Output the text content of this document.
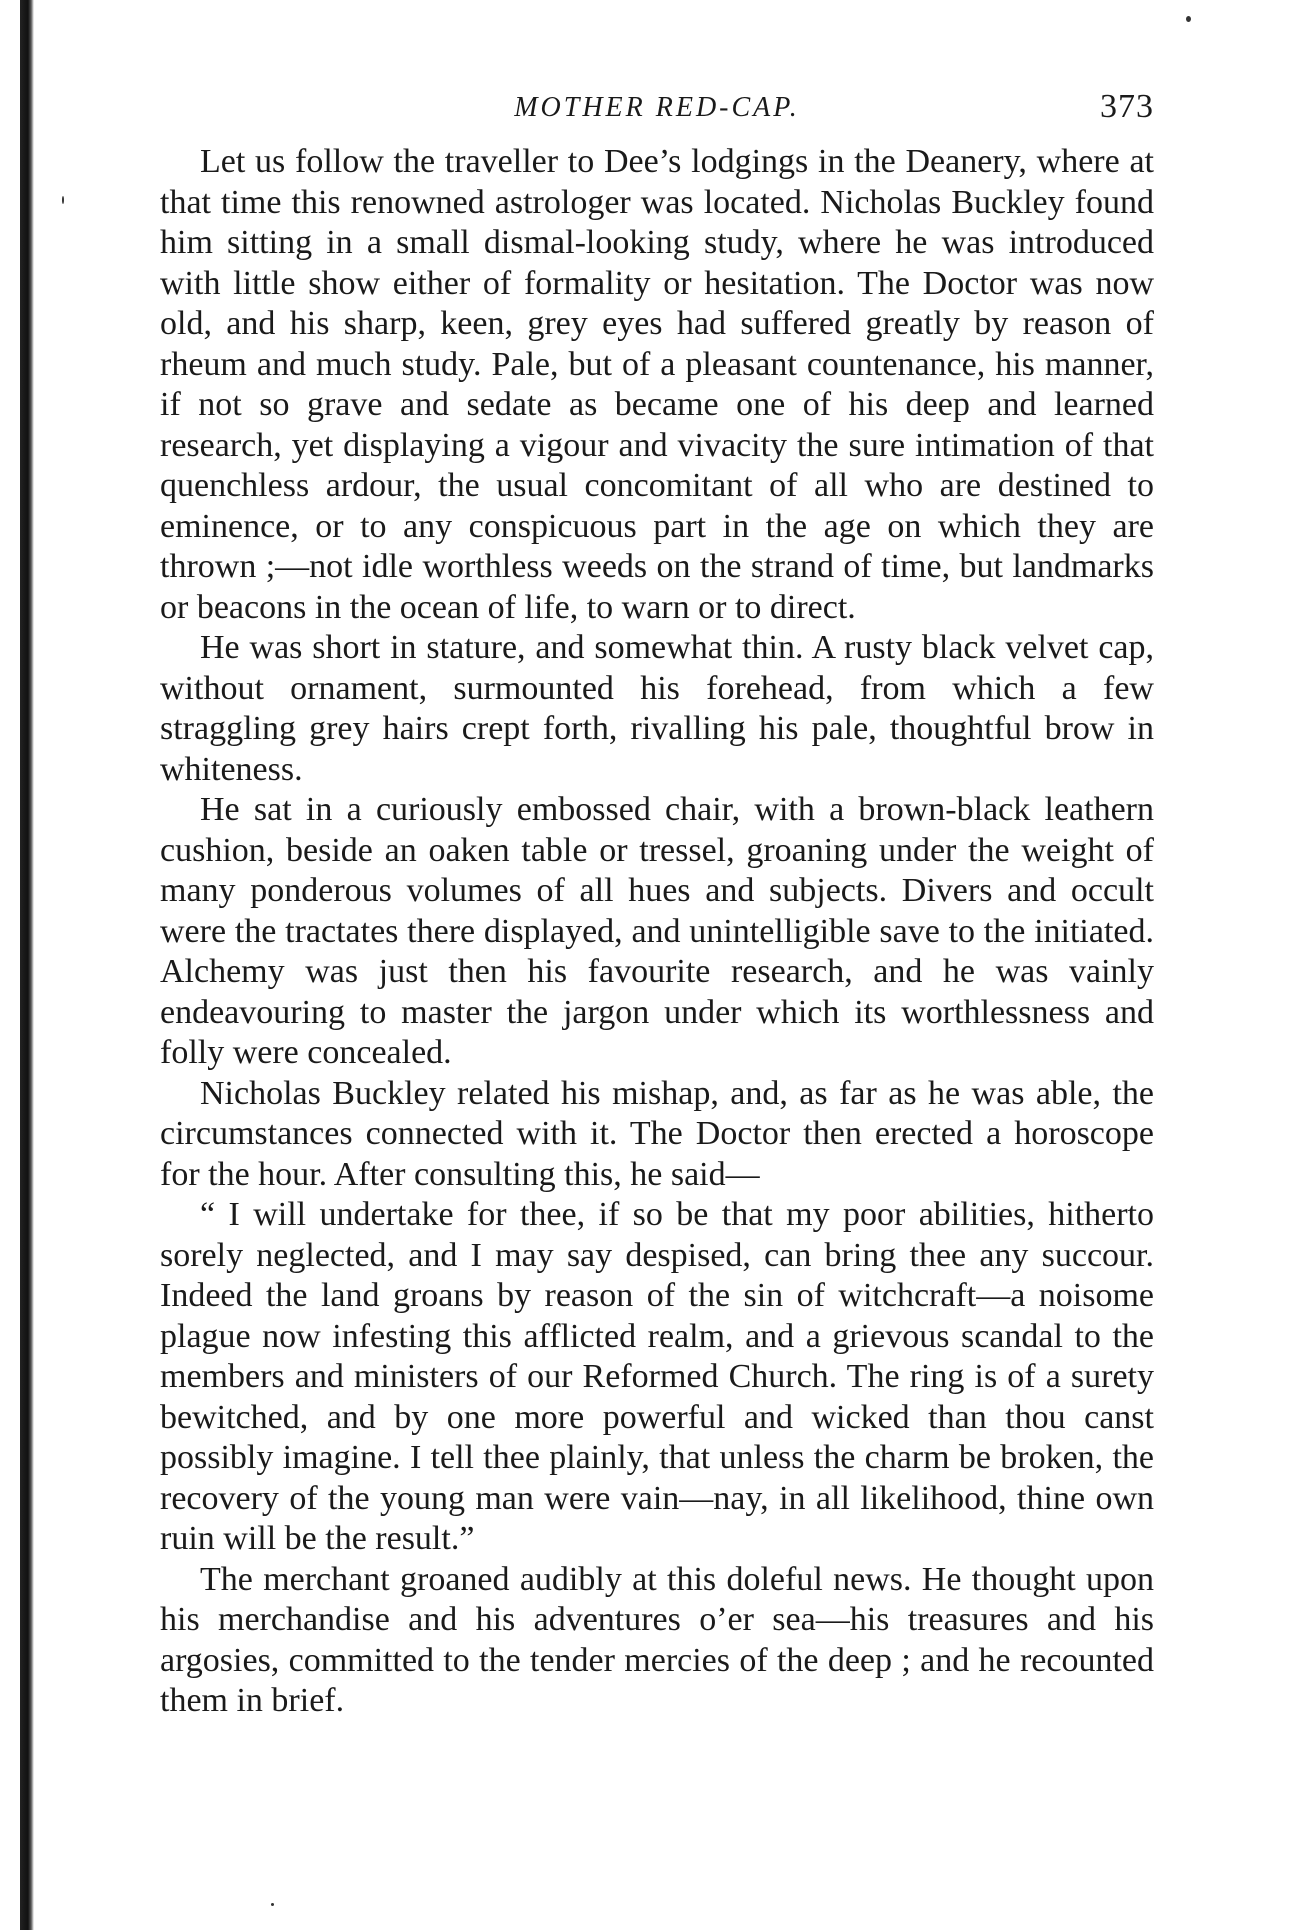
MOTHER RED-CAP.	373

Let us follow the traveller to Dee’s lodgings in the Deanery, where at that time this renowned astrologer was located. Nicholas Buckley found him sitting in a small dismal-looking study, where he was introduced with little show either of formality or hesitation. The Doctor was now old, and his sharp, keen, grey eyes had suffered greatly by reason of rheum and much study. Pale, but of a pleasant countenance, his manner, if not so grave and sedate as became one of his deep and learned research, yet displaying a vigour and vivacity the sure intimation of that quenchless ardour, the usual concomitant of all who are destined to eminence, or to any conspicuous part in the age on which they are thrown ;—not idle worthless weeds on the strand of time, but landmarks or beacons in the ocean of life, to warn or to direct.

He was short in stature, and somewhat thin. A rusty black velvet cap, without ornament, surmounted his forehead, from which a few straggling grey hairs crept forth, rivalling his pale, thoughtful brow in whiteness.

He sat in a curiously embossed chair, with a brown-black leathern cushion, beside an oaken table or tressel, groaning under the weight of many ponderous volumes of all hues and subjects. Divers and occult were the tractates there displayed, and unintelligible save to the initiated. Alchemy was just then his favourite research, and he was vainly endeavouring to master the jargon under which its worthlessness and folly were concealed.

Nicholas Buckley related his mishap, and, as far as he was able, the circumstances connected with it. The Doctor then erected a horoscope for the hour. After consulting this, he said—

“ I will undertake for thee, if so be that my poor abilities, hitherto sorely neglected, and I may say despised, can bring thee any succour. Indeed the land groans by reason of the sin of witchcraft—a noisome plague now infesting this afflicted realm, and a grievous scandal to the members and ministers of our Reformed Church. The ring is of a surety bewitched, and by one more powerful and wicked than thou canst possibly imagine. I tell thee plainly, that unless the charm be broken, the recovery of the young man were vain—nay, in all likelihood, thine own ruin will be the result.”

The merchant groaned audibly at this doleful news. He thought upon his merchandise and his adventures o’er sea—his treasures and his argosies, committed to the tender mercies of the deep ; and he recounted them in brief.
